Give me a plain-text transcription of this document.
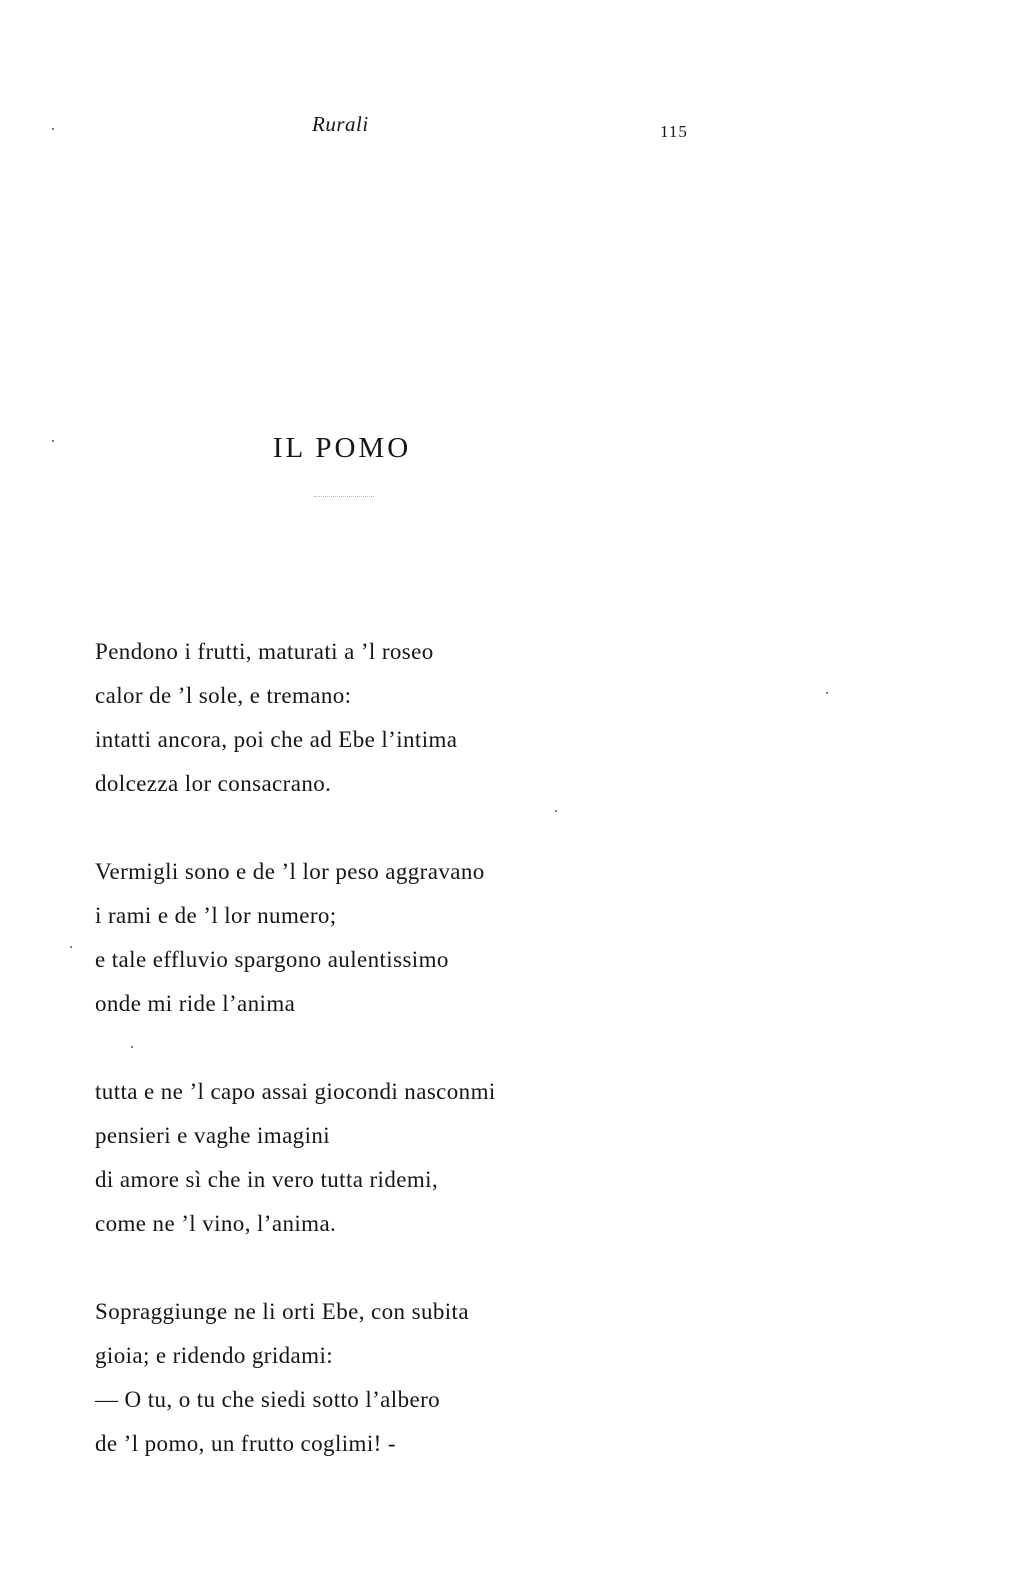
Rurali	115
IL POMO
Pendono i frutti, maturati a ’l roseo
calor de ’l sole, e tremano:
intatti ancora, poi che ad Ebe l’intima
dolcezza lor consacrano.
Vermigli sono e de ’l lor peso aggravano
i rami e de ’l lor numero;
e tale effluvio spargono aulentissimo
onde mi ride l’anima
tutta e ne ’l capo assai giocondi nasconmi
pensieri e vaghe imagini
di amore sì che in vero tutta ridemi,
come ne ’l vino, l’anima.
Sopraggiunge ne li orti Ebe, con subita
gioia; e ridendo gridami:
— O tu, o tu che siedi sotto l’albero
de ’l pomo, un frutto coglimi! -
